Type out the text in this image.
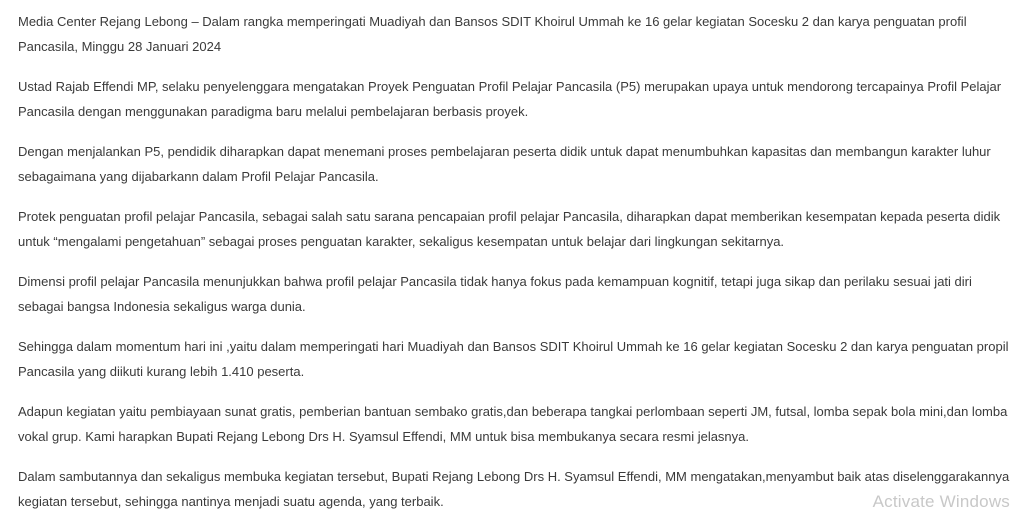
Media Center Rejang Lebong – Dalam rangka memperingati Muadiyah dan Bansos SDIT Khoirul Ummah ke 16 gelar kegiatan Socesku 2 dan karya penguatan profil Pancasila, Minggu 28 Januari 2024

Ustad Rajab Effendi MP, selaku penyelenggara mengatakan Proyek Penguatan Profil Pelajar Pancasila (P5) merupakan upaya untuk mendorong tercapainya Profil Pelajar Pancasila dengan menggunakan paradigma baru melalui pembelajaran berbasis proyek.

Dengan menjalankan P5, pendidik diharapkan dapat menemani proses pembelajaran peserta didik untuk dapat menumbuhkan kapasitas dan membangun karakter luhur sebagaimana yang dijabarkann dalam Profil Pelajar Pancasila.

Protek penguatan profil pelajar Pancasila, sebagai salah satu sarana pencapaian profil pelajar Pancasila, diharapkan dapat memberikan kesempatan kepada peserta didik untuk “mengalami pengetahuan” sebagai proses penguatan karakter, sekaligus kesempatan untuk belajar dari lingkungan sekitarnya.

Dimensi profil pelajar Pancasila menunjukkan bahwa profil pelajar Pancasila tidak hanya fokus pada kemampuan kognitif, tetapi juga sikap dan perilaku sesuai jati diri sebagai bangsa Indonesia sekaligus warga dunia.

Sehingga dalam momentum hari ini ,yaitu dalam memperingati hari Muadiyah dan Bansos SDIT Khoirul Ummah ke 16 gelar kegiatan Socesku 2 dan karya penguatan propil Pancasila yang diikuti kurang lebih 1.410 peserta.

Adapun kegiatan yaitu pembiayaan sunat gratis, pemberian bantuan sembako gratis,dan beberapa tangkai perlombaan seperti JM, futsal, lomba sepak bola mini,dan lomba vokal grup. Kami harapkan Bupati Rejang Lebong Drs H. Syamsul Effendi, MM untuk bisa membukanya secara resmi jelasnya.

Dalam sambutannya dan sekaligus membuka kegiatan tersebut, Bupati Rejang Lebong Drs H. Syamsul Effendi, MM mengatakan,menyambut baik atas diselenggarakannya kegiatan tersebut, sehingga nantinya menjadi suatu agenda, yang terbaik.	Activate Windows
